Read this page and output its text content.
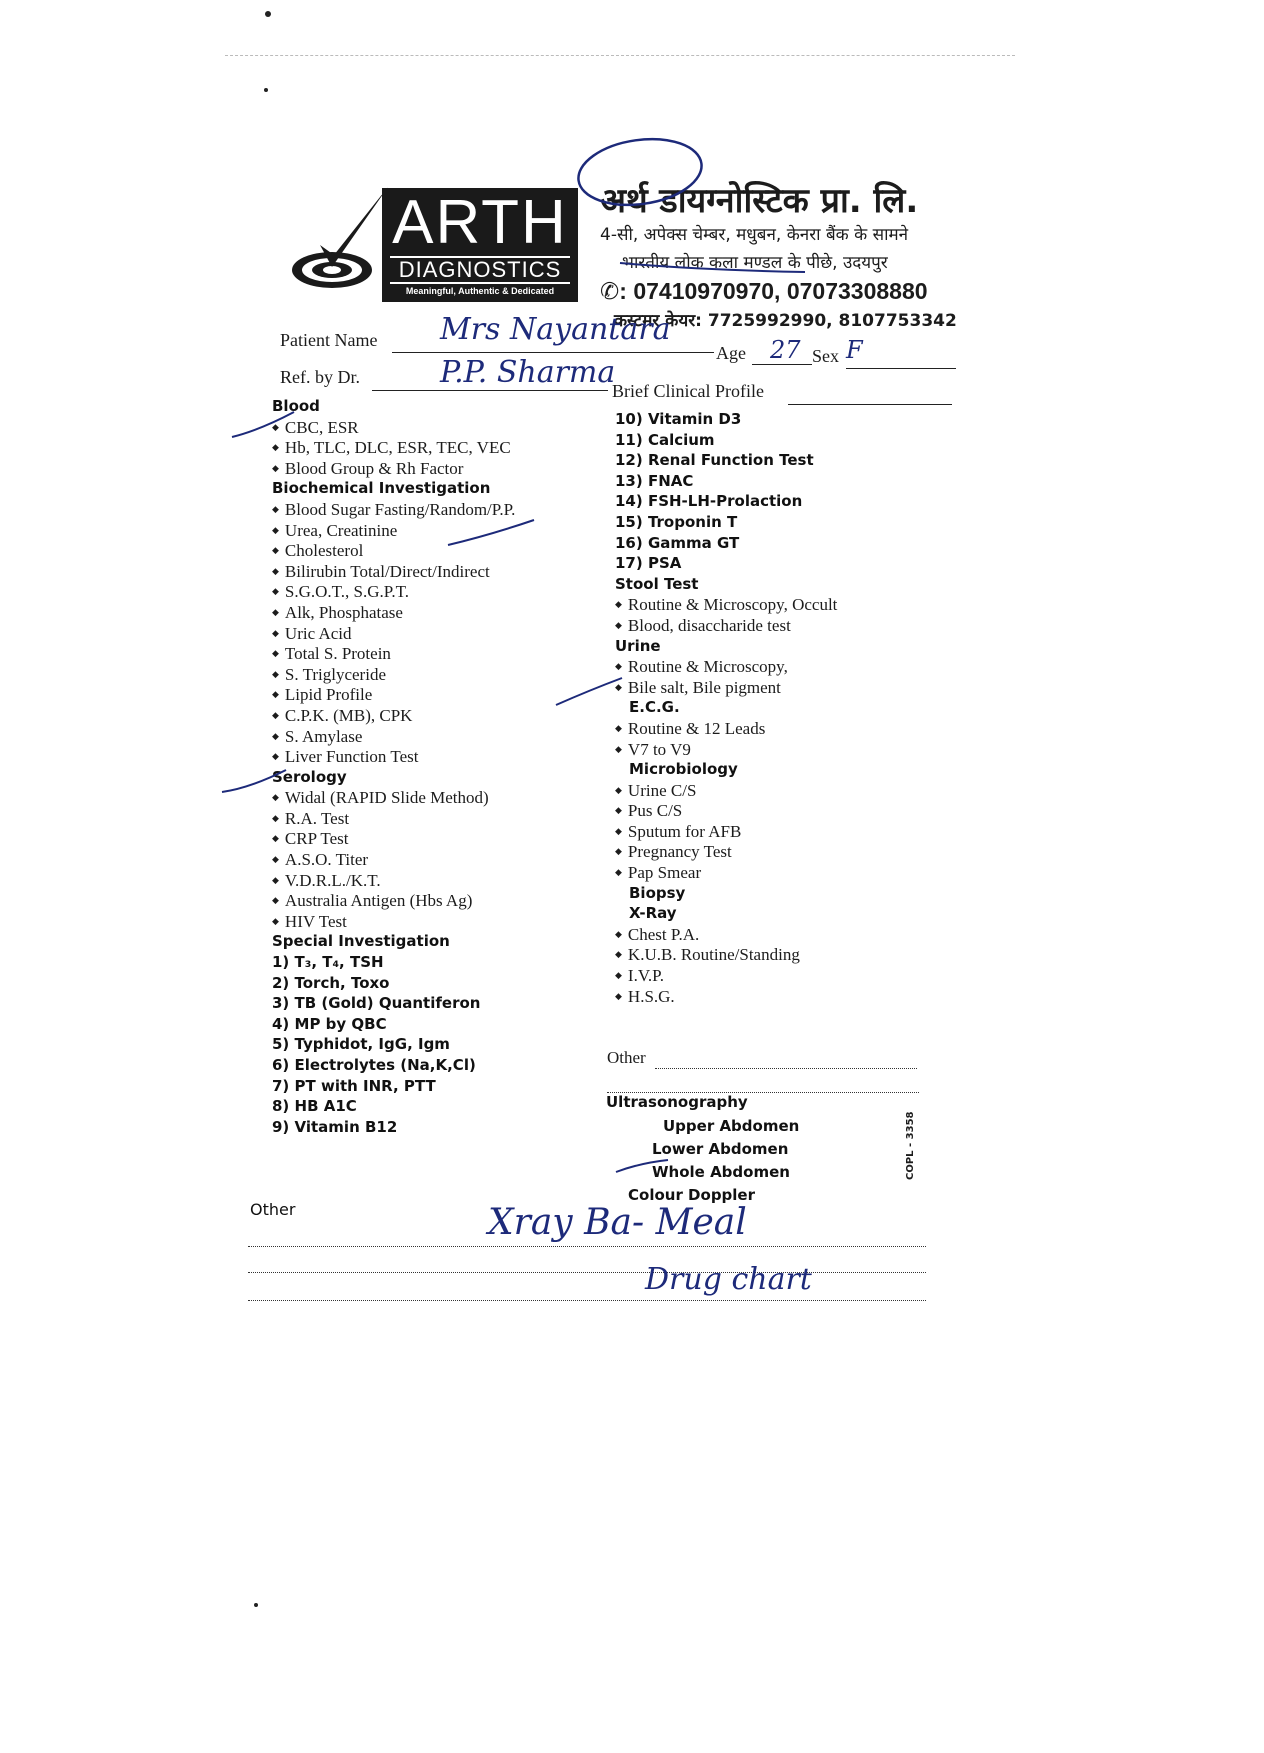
ARTH
DIAGNOSTICS
Meaningful, Authentic & Dedicated
अर्थ डायग्नोस्टिक प्रा. लि.
4-सी, अपेक्स चेम्बर, मधुबन, केनरा बैंक के सामने
भारतीय लोक कला मण्डल के पीछे, उदयपुर
✆: 07410970970, 07073308880
कस्टमर केयर: 7725992990, 8107753342
Patient Name Mrs Nayantara
Age 27 Sex F
Ref. by Dr.	P.P. Sharma
Brief Clinical Profile
Blood
◆ CBC, ESR
◆ Hb, TLC, DLC, ESR, TEC, VEC
◆ Blood Group & Rh Factor
Biochemical Investigation
◆ Blood Sugar Fasting/Random/P.P.
◆ Urea, Creatinine
◆ Cholesterol
◆ Bilirubin Total/Direct/Indirect
◆ S.G.O.T., S.G.P.T.
◆ Alk, Phosphatase
◆ Uric Acid
◆ Total S. Protein
◆ S. Triglyceride
◆ Lipid Profile
◆ C.P.K. (MB), CPK
◆ S. Amylase
◆ Liver Function Test
Serology
◆ Widal (RAPID Slide Method)
◆ R.A. Test
◆ CRP Test
◆ A.S.O. Titer
◆ V.D.R.L./K.T.
◆ Australia Antigen (Hbs Ag)
◆ HIV Test
Special Investigation
1) T₃, T₄, TSH
2) Torch, Toxo
3) TB (Gold) Quantiferon
4) MP by QBC
5) Typhidot, IgG, Igm
6) Electrolytes (Na,K,Cl)
7) PT with INR, PTT
8) HB A1C
9) Vitamin B12
10) Vitamin D3
11) Calcium
12) Renal Function Test
13) FNAC
14) FSH-LH-Prolaction
15) Troponin T
16) Gamma GT
17) PSA
Stool Test
◆ Routine & Microscopy, Occult
◆ Blood, disaccharide test
Urine
◆ Routine & Microscopy,
◆ Bile salt, Bile pigment
E.C.G.
◆ Routine & 12 Leads
◆ V7 to V9
Microbiology
◆ Urine C/S
◆ Pus C/S
◆ Sputum for AFB
◆ Pregnancy Test
◆ Pap Smear
Biopsy
X-Ray
◆ Chest P.A.
◆ K.U.B. Routine/Standing
◆ I.V.P.
◆ H.S.G.
Other
Ultrasonography
Upper Abdomen
Lower Abdomen
Whole Abdomen
Colour Doppler
Other	Xray Ba- Meal
Drug chart
COPL - 3358
